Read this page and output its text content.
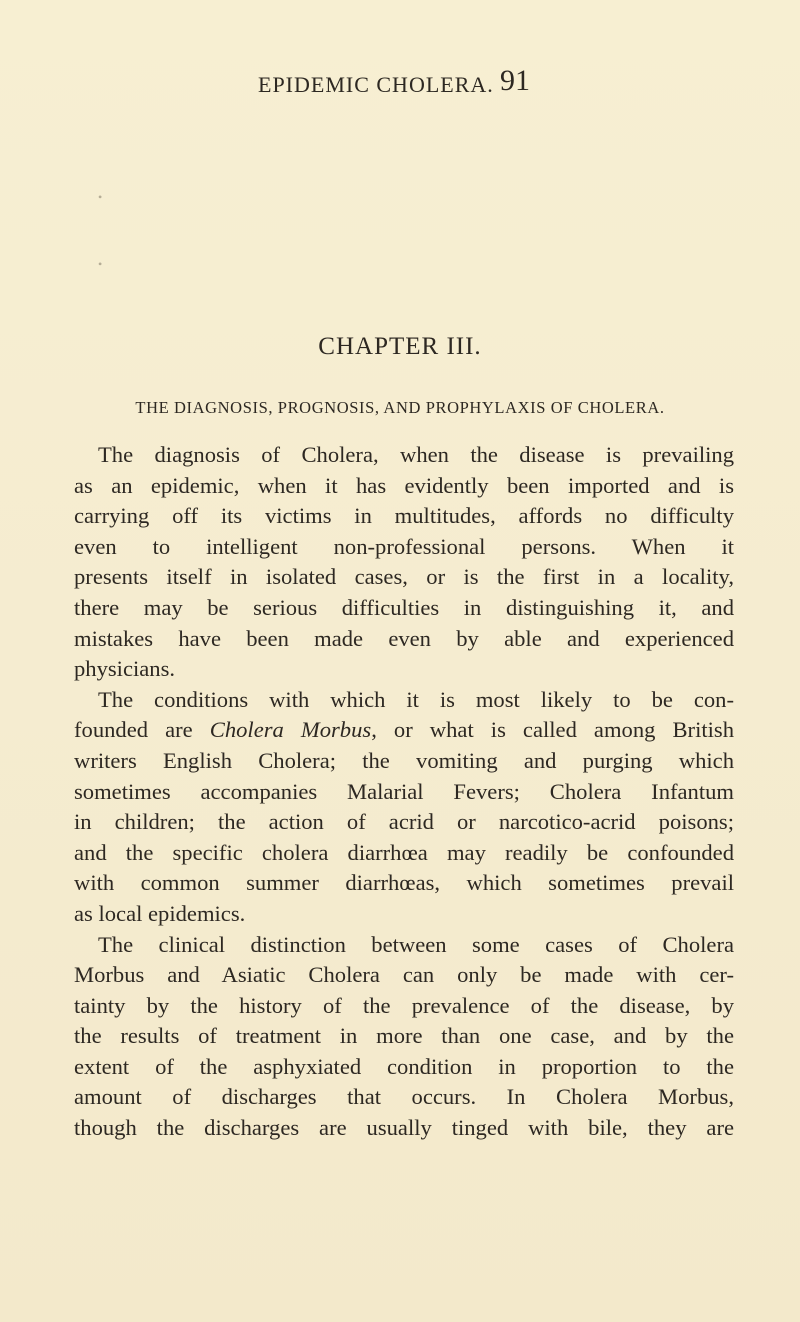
EPIDEMIC CHOLERA. 91
CHAPTER III.
THE DIAGNOSIS, PROGNOSIS, AND PROPHYLAXIS OF CHOLERA.
The diagnosis of Cholera, when the disease is prevailing
as an epidemic, when it has evidently been imported and is
carrying off its victims in multitudes, affords no difficulty
even to intelligent non-professional persons. When it
presents itself in isolated cases, or is the first in a locality,
there may be serious difficulties in distinguishing it, and
mistakes have been made even by able and experienced
physicians.
The conditions with which it is most likely to be con-
founded are Cholera Morbus, or what is called among British
writers English Cholera; the vomiting and purging which
sometimes accompanies Malarial Fevers; Cholera Infantum
in children; the action of acrid or narcotico-acrid poisons;
and the specific cholera diarrhœa may readily be confounded
with common summer diarrhœas, which sometimes prevail
as local epidemics.
The clinical distinction between some cases of Cholera
Morbus and Asiatic Cholera can only be made with cer-
tainty by the history of the prevalence of the disease, by
the results of treatment in more than one case, and by the
extent of the asphyxiated condition in proportion to the
amount of discharges that occurs. In Cholera Morbus,
though the discharges are usually tinged with bile, they are
•
•
